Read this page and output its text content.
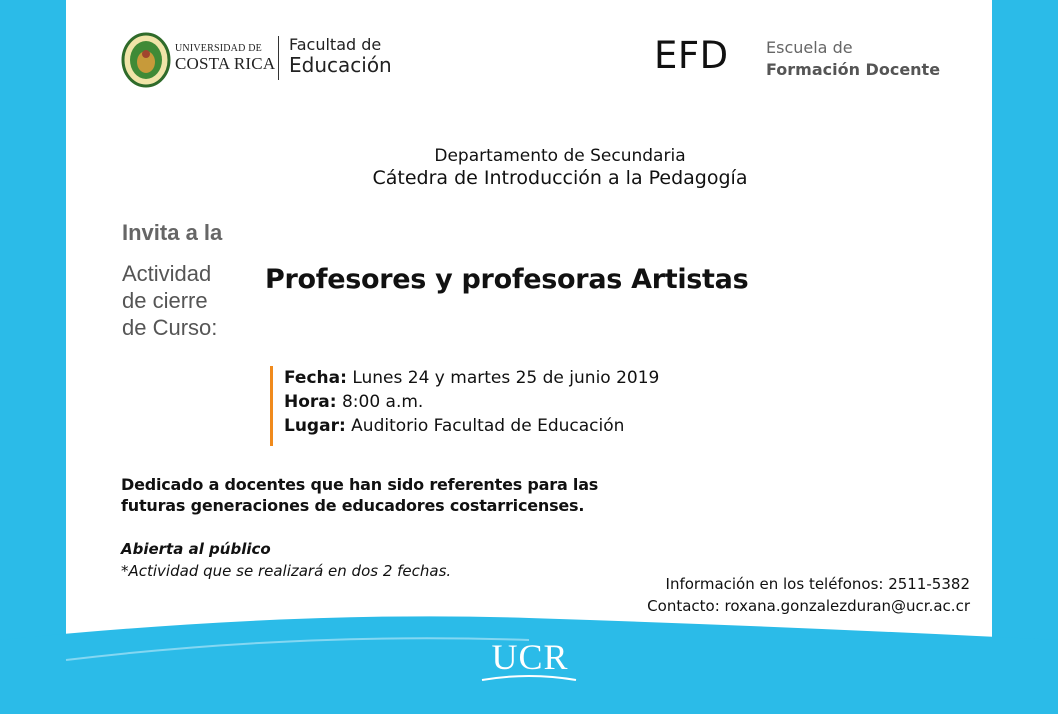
UNIVERSIDAD DE
COSTA RICA
Facultad de
Educación	EFD Escuela de
Formación Docente
Departamento de Secundaria
Cátedra de Introducción a la Pedagogía
Invita a la
Actividad
de cierre
de Curso:
Profesores y profesoras Artistas
Fecha: Lunes 24 y martes 25 de junio 2019
Hora: 8:00 a.m.
Lugar: Auditorio Facultad de Educación
Dedicado a docentes que han sido referentes para las
futuras generaciones de educadores costarricenses.
Abierta al público
*Actividad que se realizará en dos 2 fechas.
Información en los teléfonos: 2511-5382
Contacto: roxana.gonzalezduran@ucr.ac.cr
UCR
